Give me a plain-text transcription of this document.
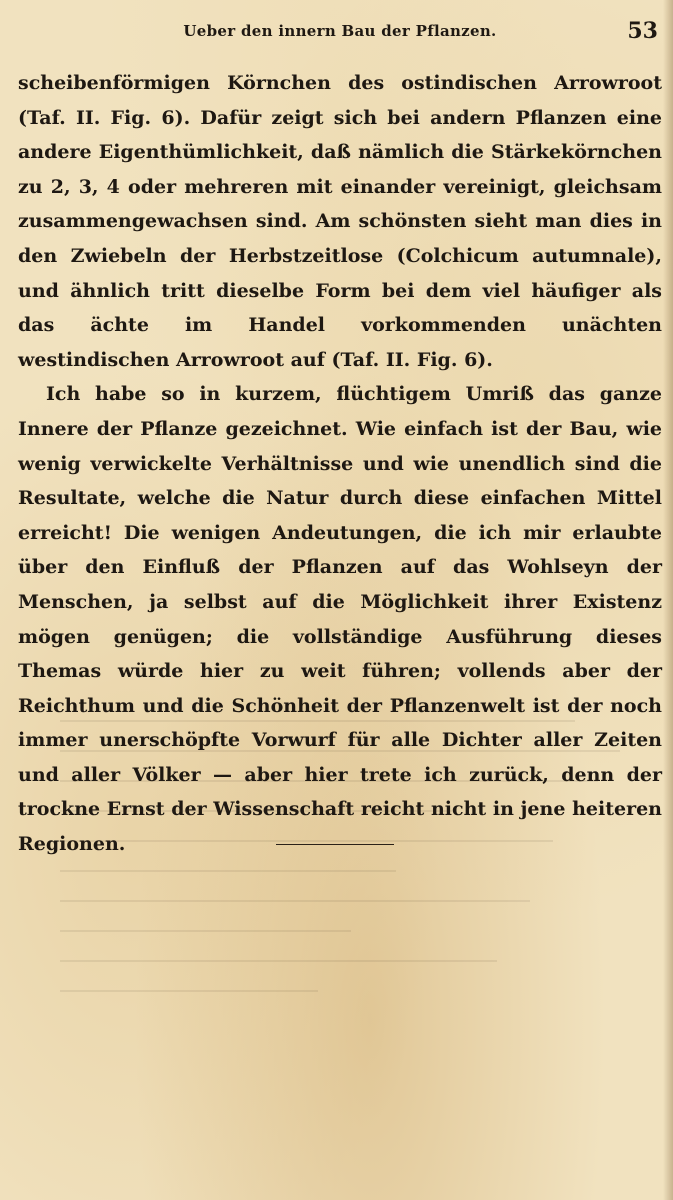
Ueber den innern Bau der Pflanzen.	53

scheibenförmigen Körnchen des ostindischen Arrowroot (Taf. II. Fig. 6). Dafür zeigt sich bei andern Pflanzen eine andere Eigenthümlichkeit, daß nämlich die Stärkekörnchen zu 2, 3, 4 oder mehreren mit einander vereinigt, gleichsam zusammengewachsen sind. Am schönsten sieht man dies in den Zwiebeln der Herbstzeitlose (Colchicum autumnale), und ähnlich tritt dieselbe Form bei dem viel häufiger als das ächte im Handel vorkommenden unächten westindischen Arrowroot auf (Taf. II. Fig. 6).

Ich habe so in kurzem, flüchtigem Umriß das ganze Innere der Pflanze gezeichnet. Wie einfach ist der Bau, wie wenig verwickelte Verhältnisse und wie unendlich sind die Resultate, welche die Natur durch diese einfachen Mittel erreicht! Die wenigen Andeutungen, die ich mir erlaubte über den Einfluß der Pflanzen auf das Wohlseyn der Menschen, ja selbst auf die Möglichkeit ihrer Existenz mögen genügen; die vollständige Ausführung dieses Themas würde hier zu weit führen; vollends aber der Reichthum und die Schönheit der Pflanzenwelt ist der noch immer unerschöpfte Vorwurf für alle Dichter aller Zeiten und aller Völker — aber hier trete ich zurück, denn der trockne Ernst der Wissenschaft reicht nicht in jene heiteren Regionen.
